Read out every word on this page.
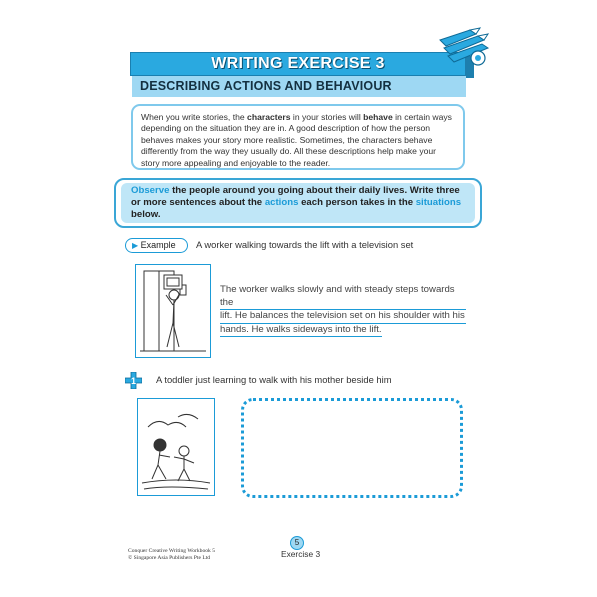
WRITING EXERCISE 3
DESCRIBING ACTIONS AND BEHAVIOUR
When you write stories, the characters in your stories will behave in certain ways depending on the situation they are in. A good description of how the person behaves makes your story more realistic. Sometimes, the characters behave differently from the way they usually do. All these descriptions help make your story more appealing and enjoyable to the reader.
Observe the people around you going about their daily lives. Write three or more sentences about the actions each person takes in the situations below.
▶ Example	A worker walking towards the lift with a television set
The worker walks slowly and with steady steps towards the
lift. He balances the television set on his shoulder with his
hands. He walks sideways into the lift.
1 A toddler just learning to walk with his mother beside him
Conquer Creative Writing Workbook 5
© Singapore Asia Publishers Pte Ltd
5
Exercise 3
